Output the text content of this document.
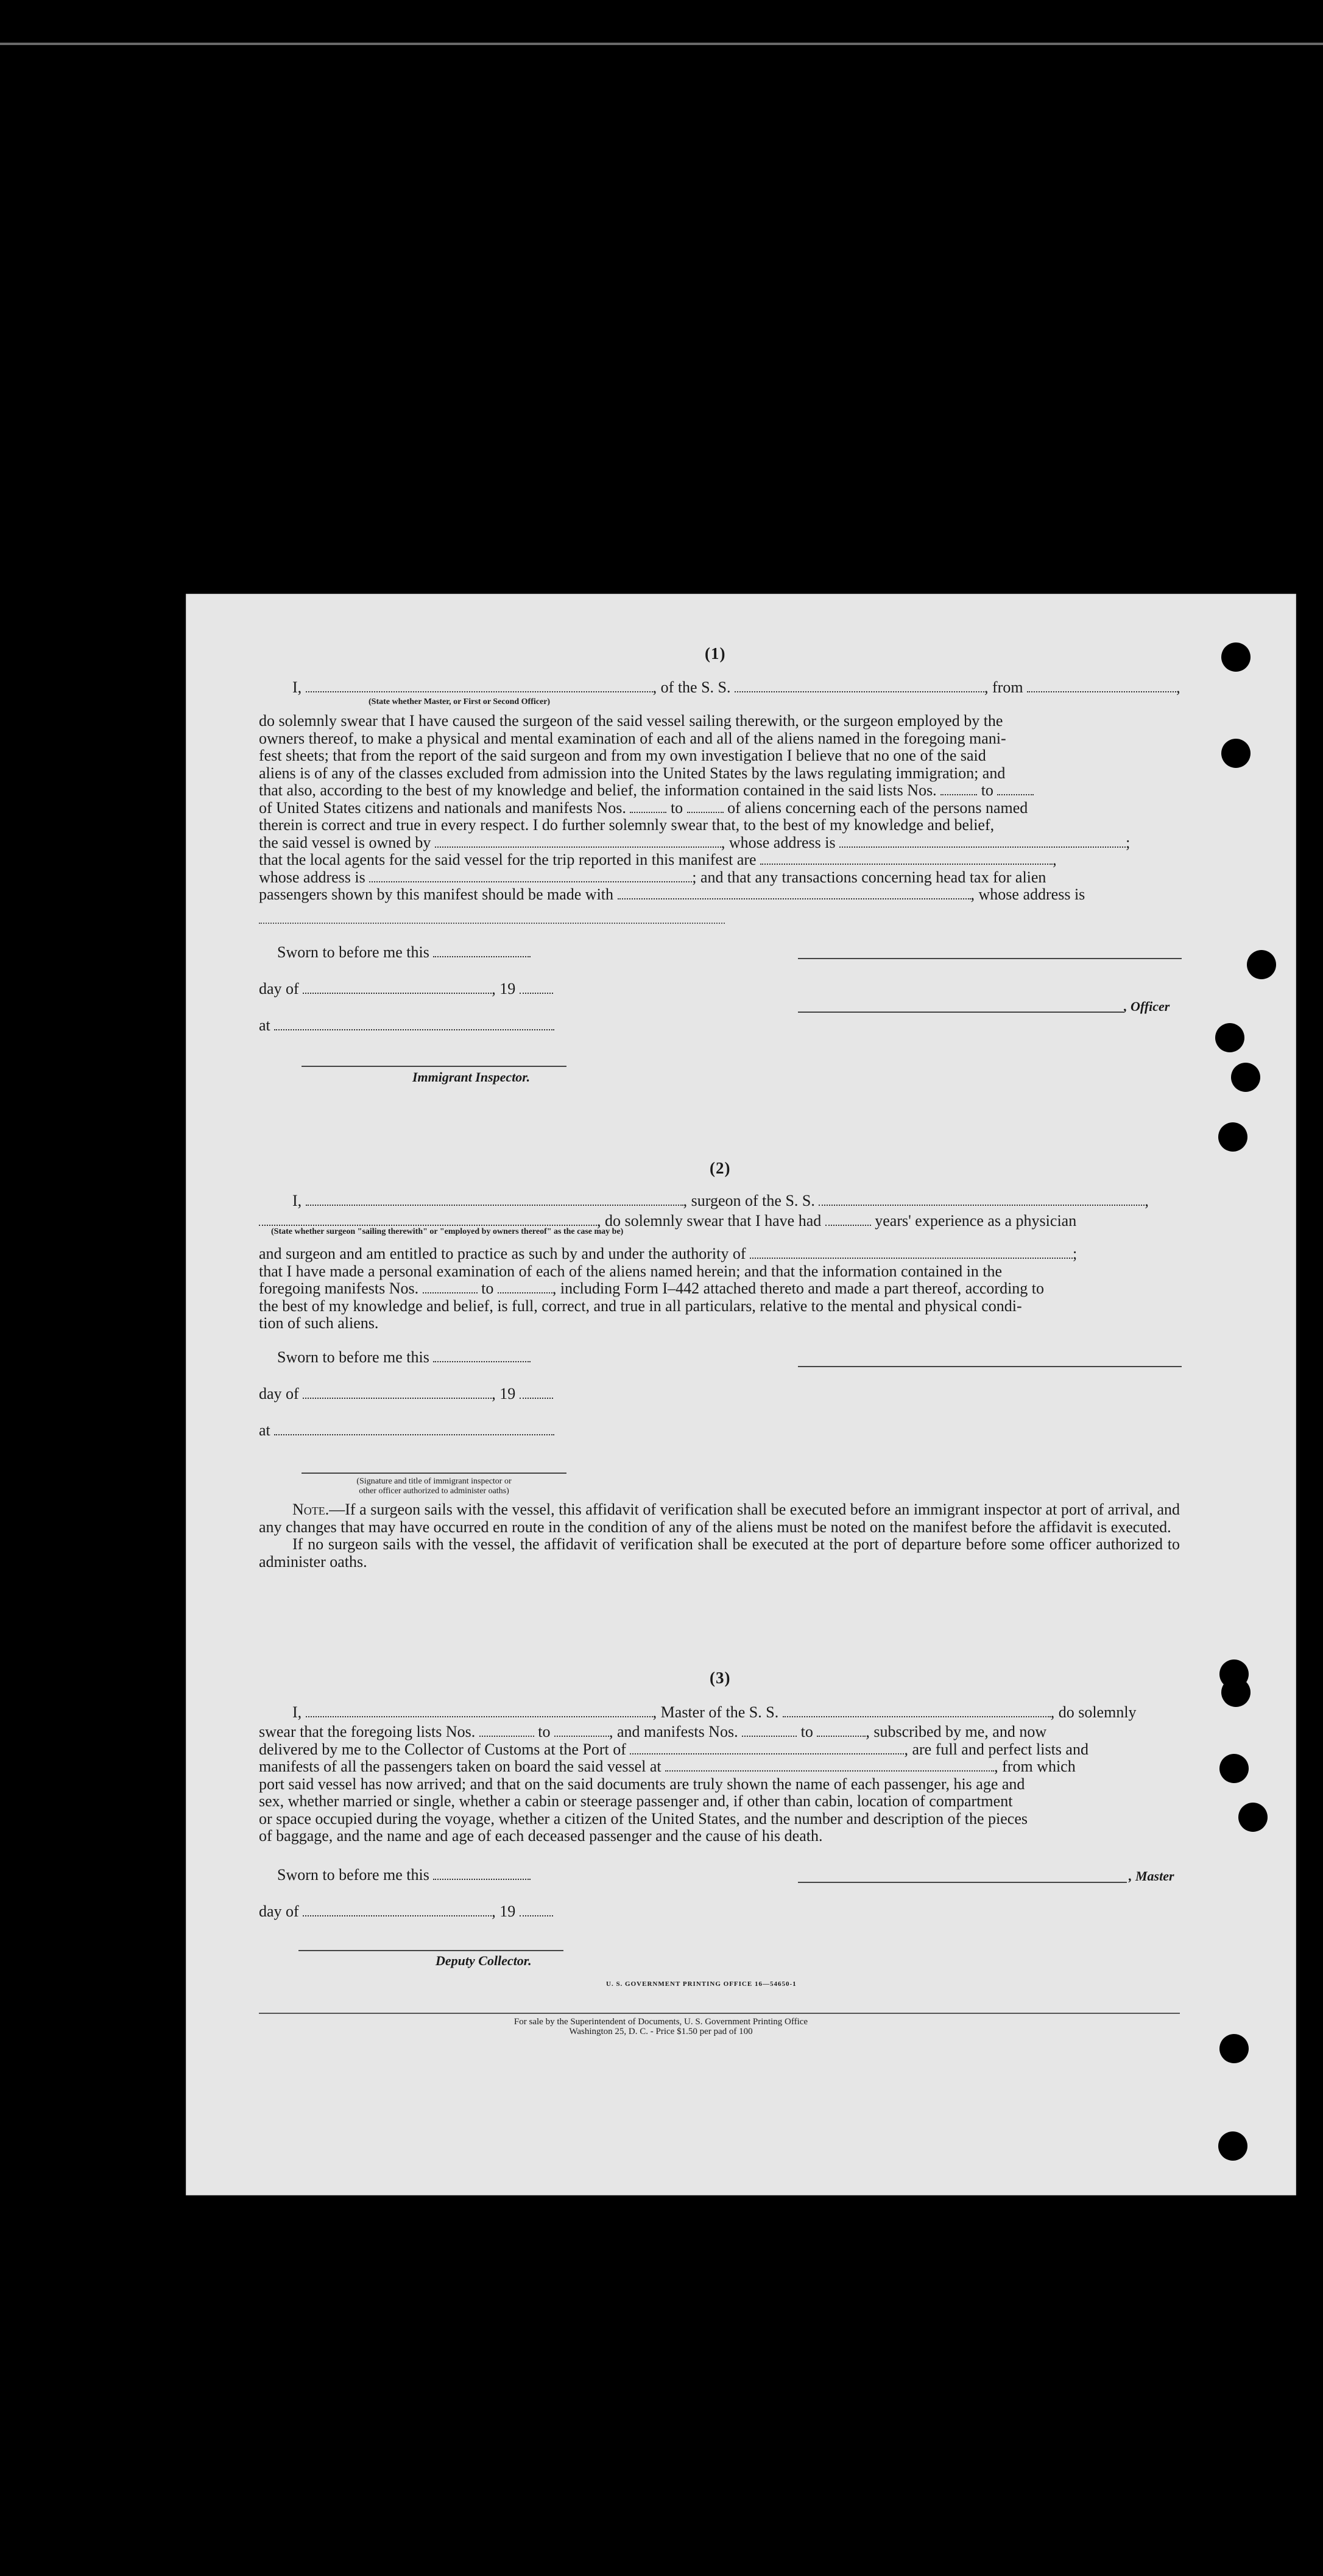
(1)
I,	, of the S. S.	, from	,
(State whether Master, or First or Second Officer)

do solemnly swear that I have caused the surgeon of the said vessel sailing therewith, or the surgeon employed by the

owners thereof, to make a physical and mental examination of each and all of the aliens named in the foregoing mani-

fest sheets; that from the report of the said surgeon and from my own investigation I believe that no one of the said

aliens is of any of the classes excluded from admission into the United States by the laws regulating immigration; and

that also, according to the best of my knowledge and belief, the information contained in the said lists Nos.	to

of United States citizens and nationals and manifests Nos.	to	of aliens concerning each of the persons named

therein is correct and true in every respect. I do further solemnly swear that, to the best of my knowledge and belief,

the said vessel is owned by	, whose address is	;

that the local agents for the said vessel for the trip reported in this manifest are	,

whose address is	; and that any transactions concerning head tax for alien

passengers shown by this manifest should be made with	, whose address is

Sworn to before me this
day of	, 19
, Officer
at
Immigrant Inspector.
(2)
I,	, surgeon of the S. S.	,
, do solemnly swear that I have had	years' experience as a physician
(State whether surgeon "sailing therewith" or "employed by owners thereof" as the case may be)

and surgeon and am entitled to practice as such by and under the authority of	;

that I have made a personal examination of each of the aliens named herein; and that the information contained in the

foregoing manifests Nos.	to	, including Form I–442 attached thereto and made a part thereof, according to

the best of my knowledge and belief, is full, correct, and true in all particulars, relative to the mental and physical condi-

tion of such aliens.

Sworn to before me this
day of	, 19
at
(Signature and title of immigrant inspector or
other officer authorized to administer oaths)

Note.—If a surgeon sails with the vessel, this affidavit of verification shall be executed before an immigrant inspector at port of arrival, and any changes that may have occurred en route in the condition of any of the aliens must be noted on the manifest before the affidavit is executed.

If no surgeon sails with the vessel, the affidavit of verification shall be executed at the port of departure before some officer authorized to administer oaths.

(3)
I,	, Master of the S. S.	, do solemnly

swear that the foregoing lists Nos.	to	, and manifests Nos.	to	, subscribed by me, and now

delivered by me to the Collector of Customs at the Port of	, are full and perfect lists and

manifests of all the passengers taken on board the said vessel at	, from which

port said vessel has now arrived; and that on the said documents are truly shown the name of each passenger, his age and

sex, whether married or single, whether a cabin or steerage passenger and, if other than cabin, location of compartment

or space occupied during the voyage, whether a citizen of the United States, and the number and description of the pieces

of baggage, and the name and age of each deceased passenger and the cause of his death.

Sworn to before me this	, Master
day of	, 19
Deputy Collector.
U. S. GOVERNMENT PRINTING OFFICE 16—54650-1
For sale by the Superintendent of Documents, U. S. Government Printing Office
Washington 25, D. C. - Price $1.50 per pad of 100
